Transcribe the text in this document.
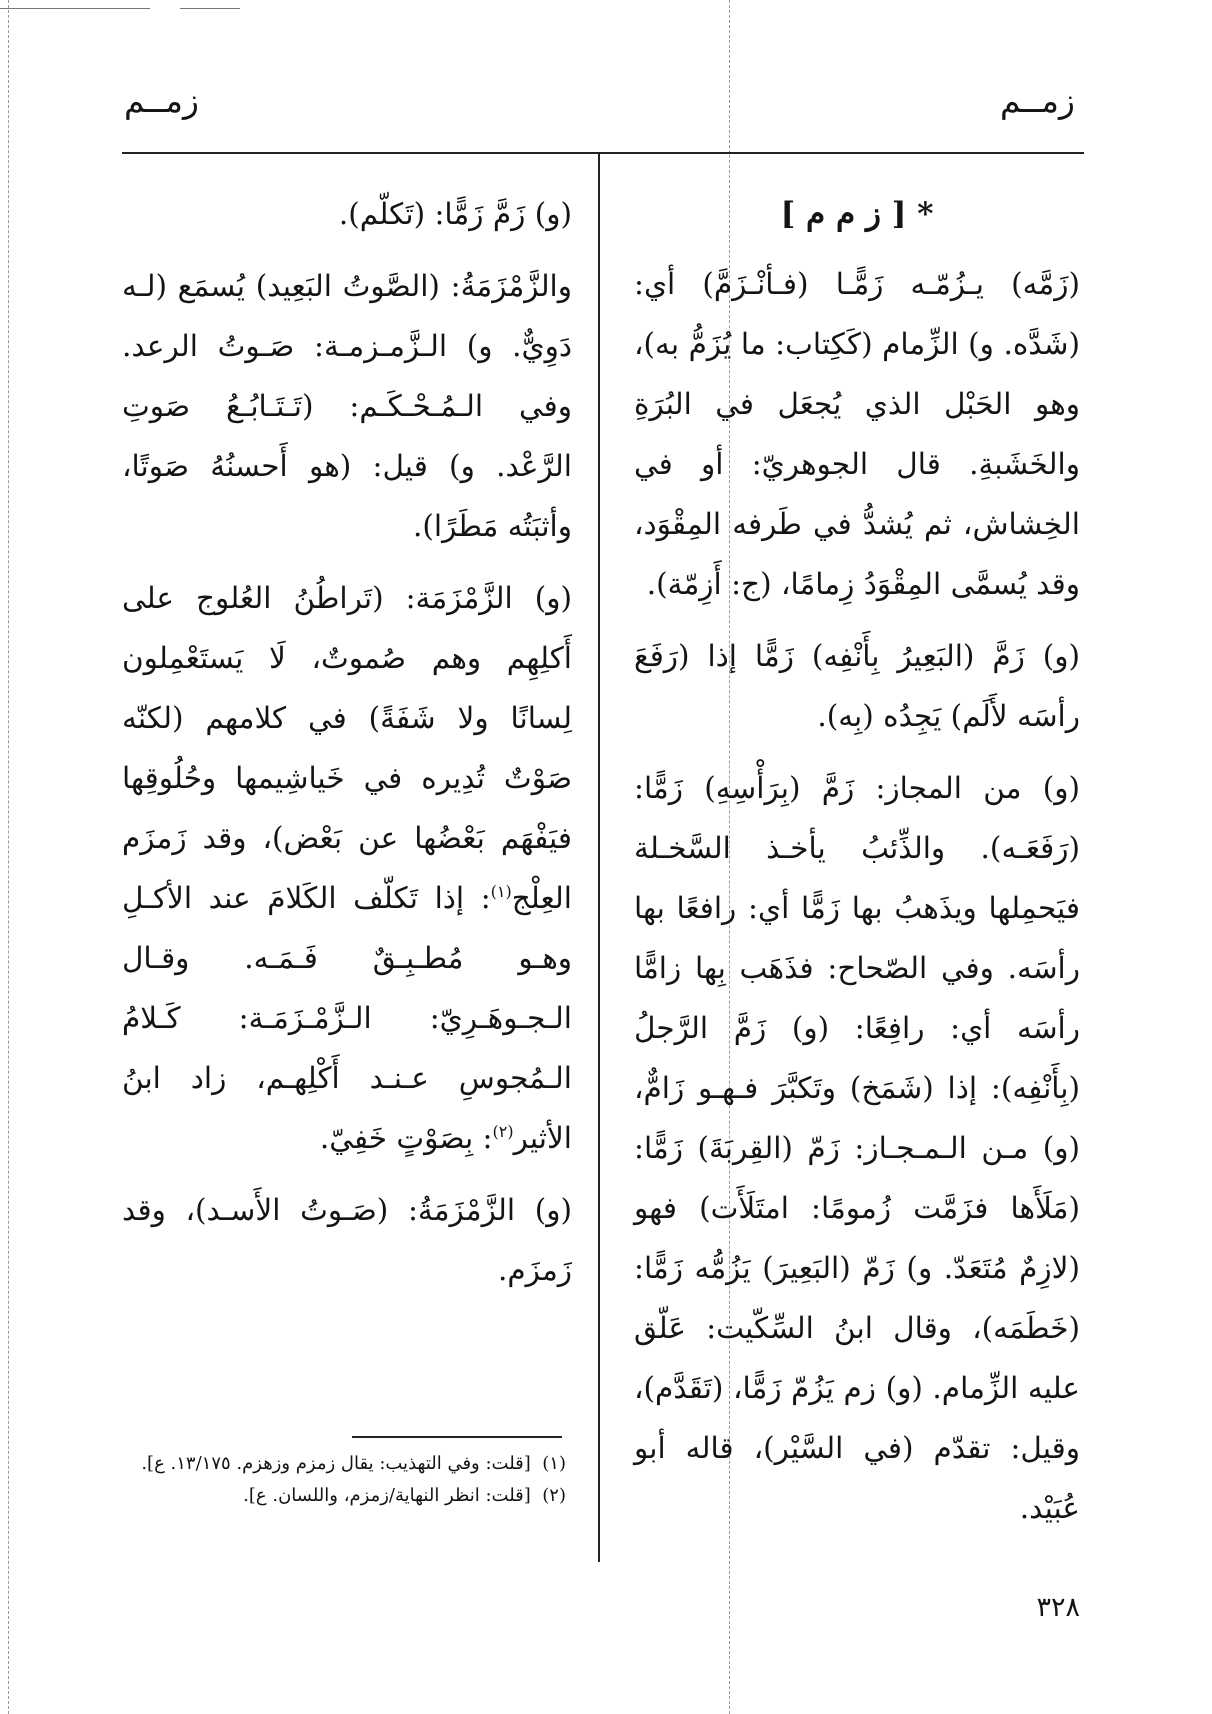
زمــم
زمــم

* [ ز م م ]

(زَمَّه) يـزُمّـه زَمًّـا (فـأنْـزَمَّ) أي: (شَدَّه. و) الزِّمام (كَكِتاب: ما يُزَمُّ به)، وهو الحَبْل الذي يُجعَل في البُرَةِ والخَشَبةِ. قال الجوهريّ: أو في الخِشاش، ثم يُشدُّ في طَرفه المِقْوَد، وقد يُسمَّى المِقْوَدُ زِمامًا، (ج: أَزِمّة).

(و) زَمَّ (البَعِيرُ بِأَنْفِه) زَمًّا إذا (رَفَعَ رأسَه لأَلَم) يَجِدُه (بِه).

(و) من المجاز: زَمَّ (بِرَأْسِهِ) زَمًّا: (رَفَعَـه). والذِّئبُ يأخـذ السَّخـلة فيَحمِلها ويذَهبُ بها زَمًّا أي: رافعًا بها رأسَه. وفي الصّحاح: فذَهَب بِها زامًّا رأسَه أي: رافِعًا: (و) زَمَّ الرَّجلُ (بِأَنْفِه): إذا (شَمَخ) وتَكبَّرَ فـهـو زَامٌّ، (و) مـن الـمـجـاز: زَمّ (القِربَةَ) زَمًّا: (مَلَأَها فزَمَّت زُمومًا: امتَلَأَت) فهو (لازِمٌ مُتَعَدّ. و) زَمّ (البَعِيرَ) يَزُمُّه زَمًّا: (خَطَمَه)، وقال ابنُ السِّكّيت: عَلّق عليه الزِّمام. (و) زم يَزُمّ زَمًّا، (تَقَدَّم)، وقيل: تقدّم (في السَّيْر)، قاله أبو عُبَيْد.

(و) زَمَّ زَمًّا: (تَكلّم).

والزَّمْزَمَةُ: (الصَّوتُ البَعِيد) يُسمَع (لـه دَوِيٌّ. و) الـزَّمـزمـة: صَـوتُ الرعد. وفي الـمُـحْـكَـم: (تَـتَـابُـعُ صَوتِ الرَّعْد. و) قيل: (هو أَحسنُهُ صَوتًا، وأثبَتُه مَطَرًا).

(و) الزَّمْزَمَة: (تَراطُنُ العُلوج على أَكلِهِم وهم صُموتٌ، لَا يَستَعْمِلون لِسانًا ولا شَفَةً) في كلامهم (لكنّه صَوْتٌ تُدِيره في خَياشِيمها وحُلُوقِها فيَفْهَم بَعْضُها عن بَعْض)، وقد زَمزَم العِلْج$^{(١)}$: إذا تَكلّف الكَلامَ عند الأكـلِ وهـو مُطـبِـقٌ فَـمَـه. وقـال الـجـوهَـرِيّ: الـزَّمْـزَمَـة: كَـلامُ الـمُجوسِ عـنـد أَكْلِهـم، زاد ابنُ الأثير$^{(٢)}$: بِصَوْتٍ خَفِيّ.

(و) الزَّمْزَمَةُ: (صَـوتُ الأَسـد)، وقد زَمزَم.

(١)  [قلت: وفي التهذيب: يقال زمزم وزهزم. ١٣/١٧٥. ع].

(٢)  [قلت: انظر النهاية/زمزم، واللسان. ع].

٣٢٨
